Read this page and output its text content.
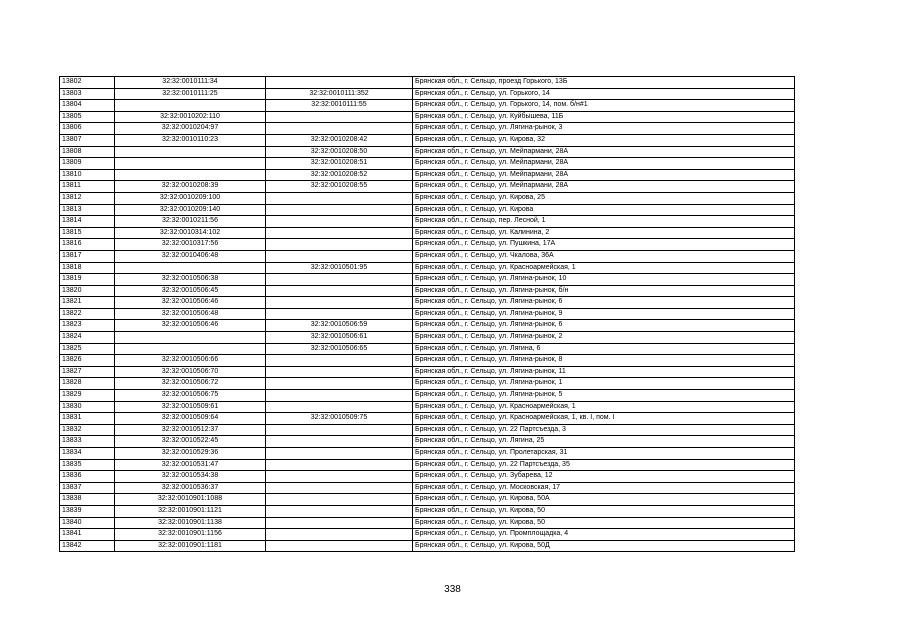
13802	32:32:0010111:34		Брянская обл., г. Сельцо, проезд Горького, 13Б
13803	32:32:0010111:25	32:32:0010111:352	Брянская обл., г. Сельцо, ул. Горького, 14
13804		32:32:0010111:55	Брянская обл., г. Сельцо, ул. Горького, 14, пом. б/н#1
13805	32:32:0010202:110		Брянская обл., г. Сельцо, ул. Куйбышева, 11Б
13806	32:32:0010204:97		Брянская обл., г. Сельцо, ул. Лягина-рынок, 3
13807	32:32:0010110:23	32:32:0010208:42	Брянская обл., г. Сельцо, ул. Кирова, 32
13808		32:32:0010208:50	Брянская обл., г. Сельцо, ул. Мейпармани, 28А
13809		32:32:0010208:51	Брянская обл., г. Сельцо, ул. Мейпармани, 28А
13810		32:32:0010208:52	Брянская обл., г. Сельцо, ул. Мейпармани, 28А
13811	32:32:0010208:39	32:32:0010208:55	Брянская обл., г. Сельцо, ул. Мейпармани, 28А
13812	32:32:0010209:100		Брянская обл., г. Сельцо, ул. Кирова, 25
13813	32:32:0010209:140		Брянская обл., г. Сельцо, ул. Кирова
13814	32:32:0010211:56		Брянская обл., г. Сельцо, пер. Лесной, 1
13815	32:32:0010314:102		Брянская обл., г. Сельцо, ул. Калинина, 2
13816	32:32:0010317:56		Брянская обл., г. Сельцо, ул. Пушкина, 17А
13817	32:32:0010406:48		Брянская обл., г. Сельцо, ул. Чкалова, 36А
13818		32:32:0010501:95	Брянская обл., г. Сельцо, ул. Красноармейская, 1
13819	32:32:0010506:38		Брянская обл., г. Сельцо, ул. Лягина-рынок, 10
13820	32:32:0010506:45		Брянская обл., г. Сельцо, ул. Лягина-рынок, б/н
13821	32:32:0010506:46		Брянская обл., г. Сельцо, ул. Лягина-рынок, 6
13822	32:32:0010506:48		Брянская обл., г. Сельцо, ул. Лягина-рынок, 9
13823	32:32:0010506:46	32:32:0010506:59	Брянская обл., г. Сельцо, ул. Лягина-рынок, 6
13824		32:32:0010506:61	Брянская обл., г. Сельцо, ул. Лягина-рынок, 2
13825		32:32:0010506:65	Брянская обл., г. Сельцо, ул. Лягина, 6
13826	32:32:0010506:66		Брянская обл., г. Сельцо, ул. Лягина-рынок, 8
13827	32:32:0010506:70		Брянская обл., г. Сельцо, ул. Лягина-рынок, 11
13828	32:32:0010506:72		Брянская обл., г. Сельцо, ул. Лягина-рынок, 1
13829	32:32:0010506:75		Брянская обл., г. Сельцо, ул. Лягина-рынок, 5
13830	32:32:0010509:61		Брянская обл., г. Сельцо, ул. Красноармейская, 1
13831	32:32:0010509:64	32:32:0010509:75	Брянская обл., г. Сельцо, ул. Красноармейская, 1, кв. I, пом. I
13832	32:32:0010512:37		Брянская обл., г. Сельцо, ул. 22 Партсъезда, 3
13833	32:32:0010522:45		Брянская обл., г. Сельцо, ул. Лягина, 25
13834	32:32:0010529:36		Брянская обл., г. Сельцо, ул. Пролетарская, 31
13835	32:32:0010531:47		Брянская обл., г. Сельцо, ул. 22 Партсъезда, 35
13836	32:32:0010534:38		Брянская обл., г. Сельцо, ул. Зубарева, 12
13837	32:32:0010536:37		Брянская обл., г. Сельцо, ул. Московская, 17
13838	32:32:0010901:1088		Брянская обл., г. Сельцо, ул. Кирова, 50А
13839	32:32:0010901:1121		Брянская обл., г. Сельцо, ул. Кирова, 50
13840	32:32:0010901:1138		Брянская обл., г. Сельцо, ул. Кирова, 50
13841	32:32:0010901:1156		Брянская обл., г. Сельцо, ул. Промплощадка, 4
13842	32:32:0010901:1181		Брянская обл., г. Сельцо, ул. Кирова, 50Д
338
